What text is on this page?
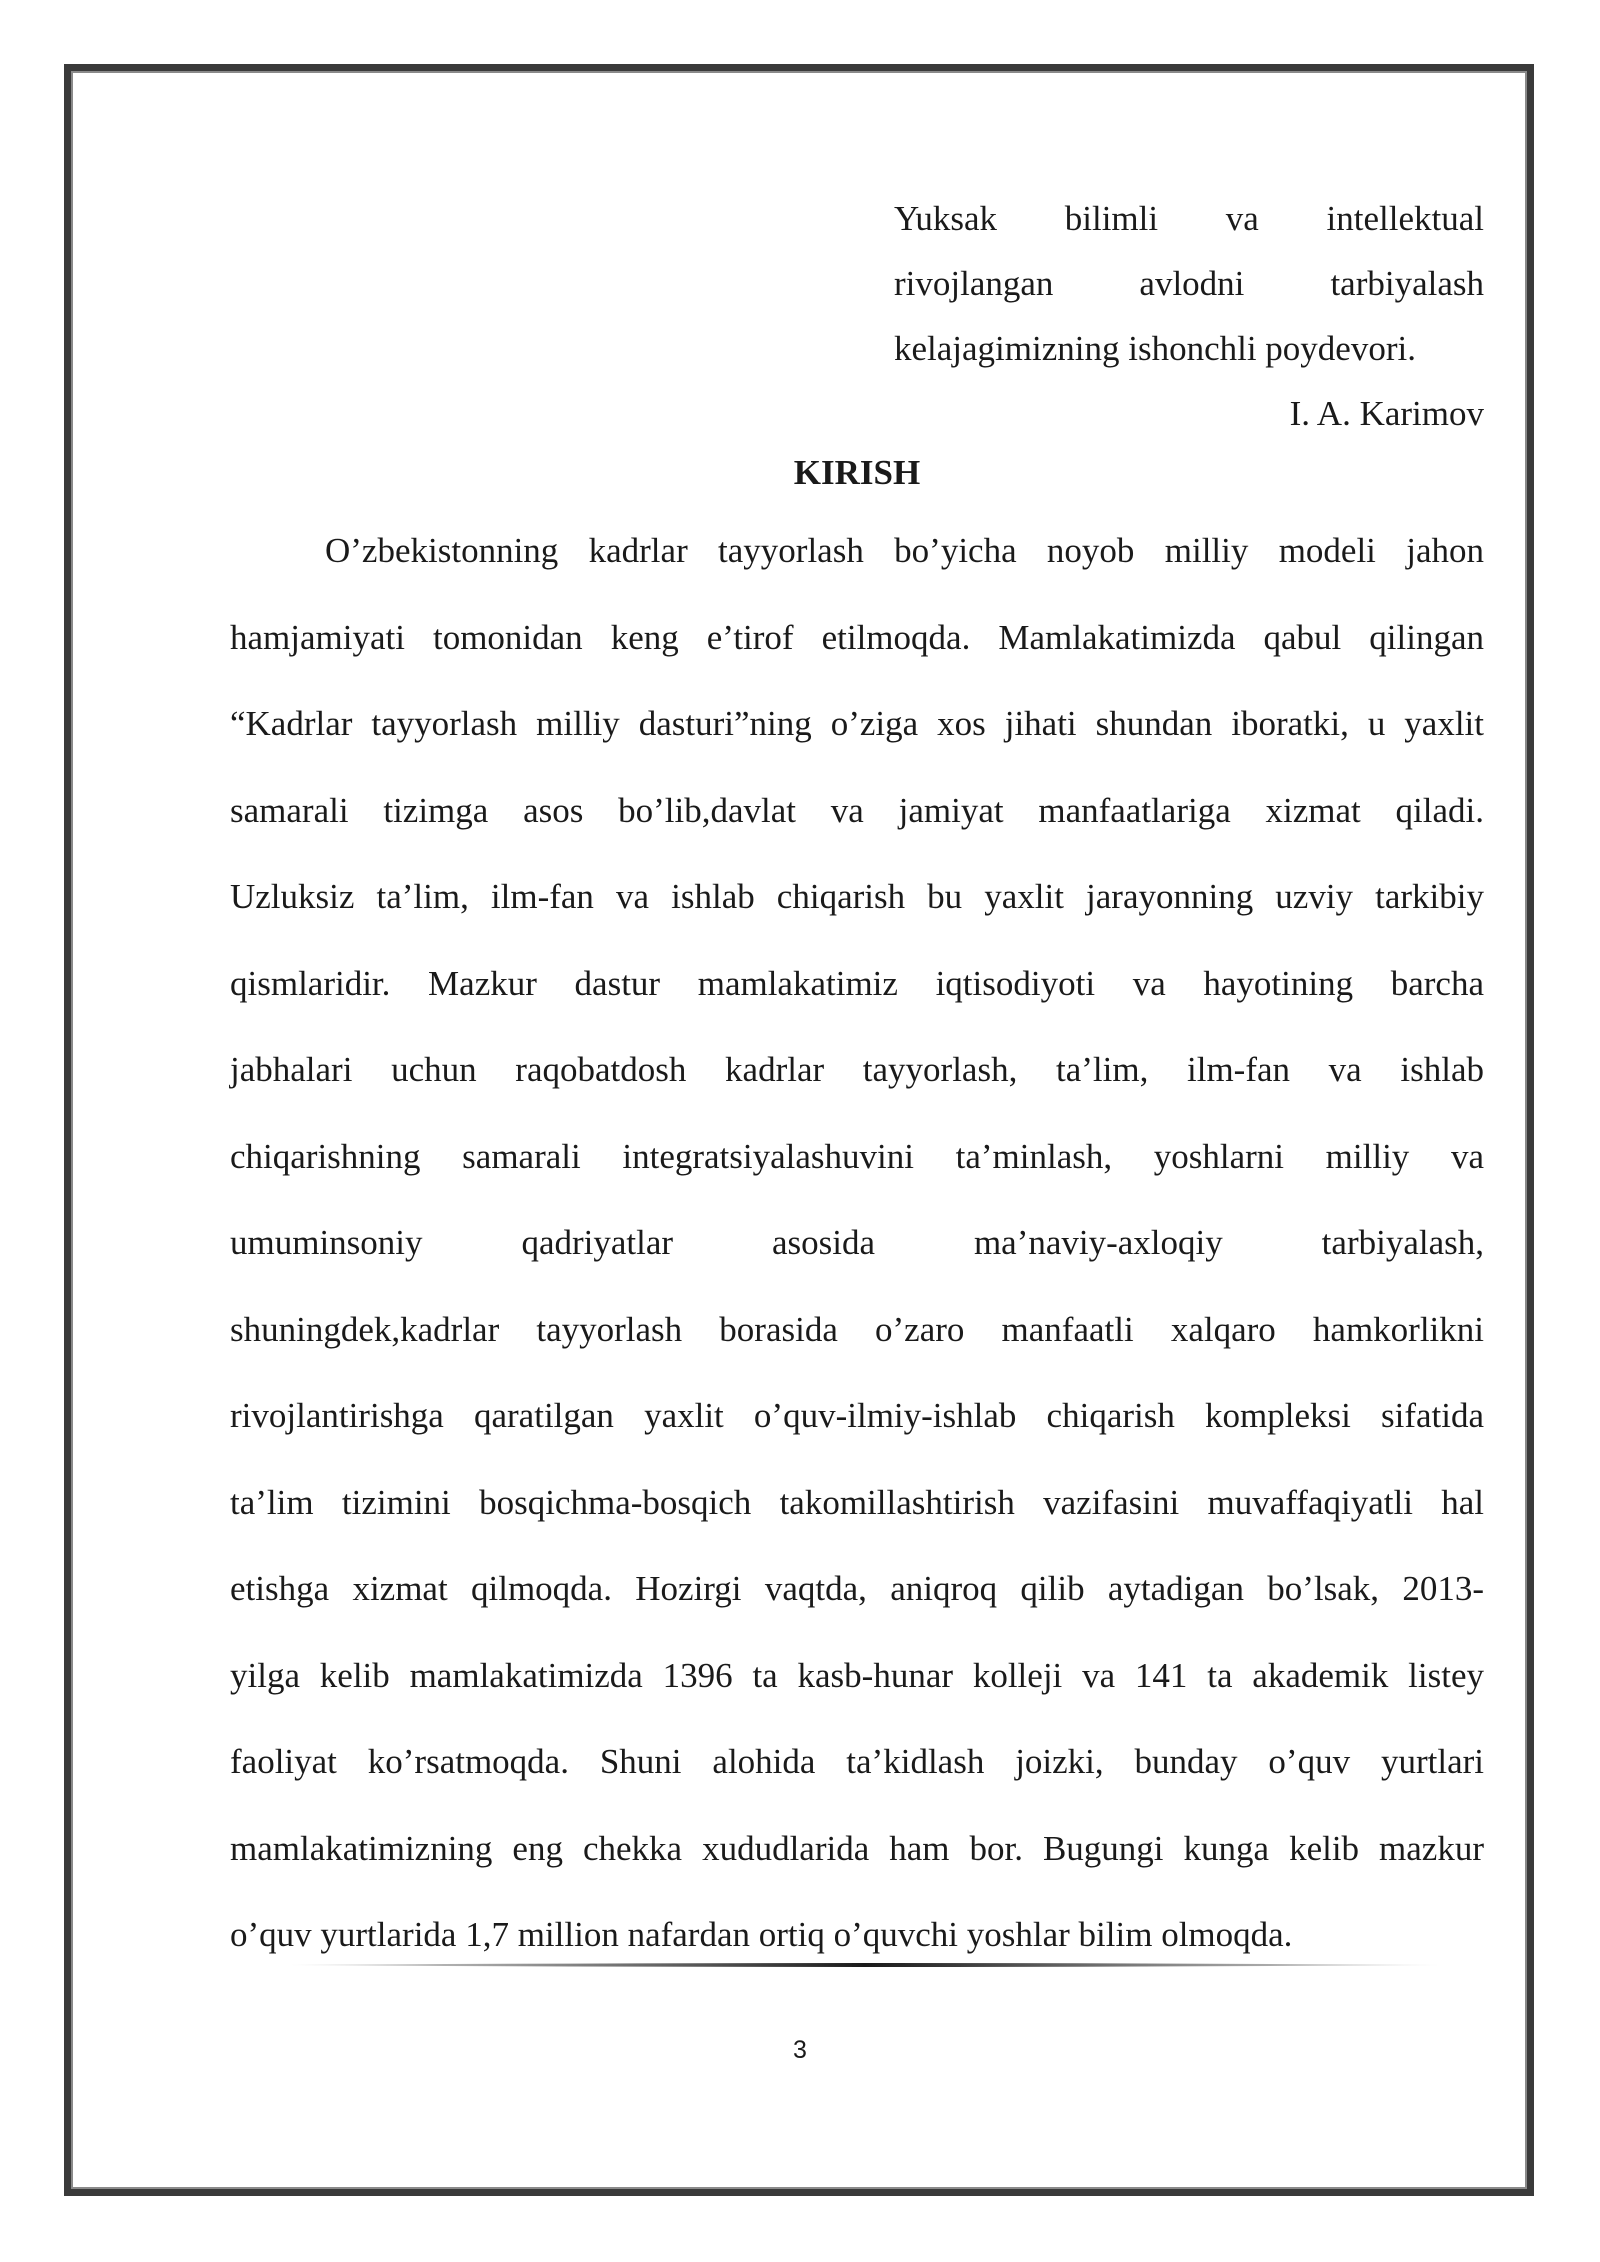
Yuksak bilimli va intellektual
rivojlangan avlodni tarbiyalash
kelajagimizning ishonchli poydevori.
I. A. Karimov
KIRISH
O’zbekistonning kadrlar tayyorlash bo’yicha noyob milliy modeli jahon
hamjamiyati tomonidan keng e’tirof etilmoqda. Mamlakatimizda qabul qilingan
“Kadrlar tayyorlash milliy dasturi”ning o’ziga xos jihati shundan iboratki, u yaxlit
samarali tizimga asos bo’lib,davlat va jamiyat manfaatlariga xizmat qiladi.
Uzluksiz ta’lim, ilm-fan va ishlab chiqarish bu yaxlit jarayonning uzviy tarkibiy
qismlaridir. Mazkur dastur mamlakatimiz iqtisodiyoti va hayotining barcha
jabhalari uchun raqobatdosh kadrlar tayyorlash, ta’lim, ilm-fan va ishlab
chiqarishning samarali integratsiyalashuvini ta’minlash, yoshlarni milliy va
umuminsoniy qadriyatlar asosida ma’naviy-axloqiy tarbiyalash,
shuningdek,kadrlar tayyorlash borasida o’zaro manfaatli xalqaro hamkorlikni
rivojlantirishga qaratilgan yaxlit o’quv-ilmiy-ishlab chiqarish kompleksi sifatida
ta’lim tizimini bosqichma-bosqich takomillashtirish vazifasini muvaffaqiyatli hal
etishga xizmat qilmoqda. Hozirgi vaqtda, aniqroq qilib aytadigan bo’lsak, 2013-
yilga kelib mamlakatimizda 1396 ta kasb-hunar kolleji va 141 ta akademik listey
faoliyat ko’rsatmoqda. Shuni alohida ta’kidlash joizki, bunday o’quv yurtlari
mamlakatimizning eng chekka xududlarida ham bor. Bugungi kunga kelib mazkur
o’quv yurtlarida 1,7 million nafardan ortiq o’quvchi yoshlar bilim olmoqda.
3
